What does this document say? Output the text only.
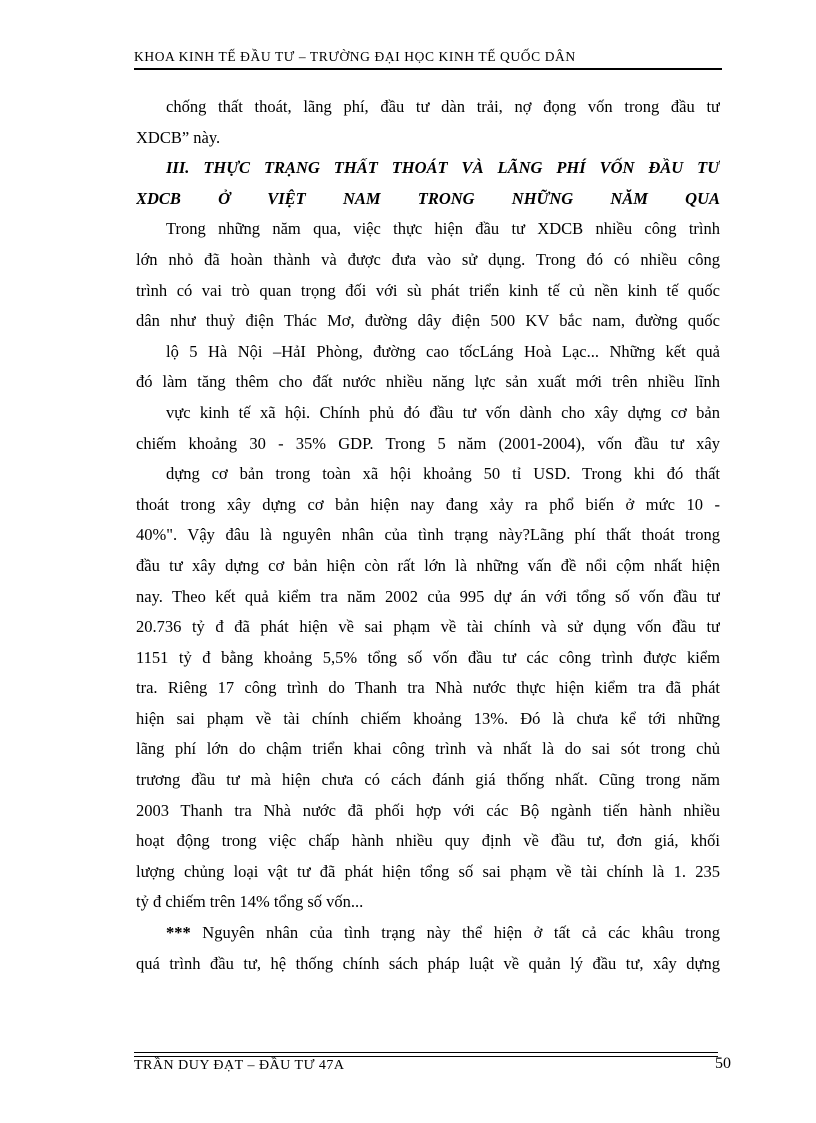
KHOA KINH TẾ ĐẦU TƯ – TRƯỜNG ĐẠI HỌC KINH TẾ QUỐC DÂN
chống thất thoát, lãng phí, đầu tư dàn trải, nợ đọng vốn trong đầu tư
XDCB” này.
III. THỰC TRẠNG THẤT THOÁT VÀ LÃNG PHÍ VỐN ĐẦU TƯ
XDCB Ở VIỆT NAM TRONG NHỮNG NĂM QUA
Trong những năm qua, việc thực hiện đầu tư XDCB nhiều công trình
lớn nhỏ đã hoàn thành và được đưa vào sử dụng. Trong đó có nhiều công
trình có vai trò quan trọng đối với sù phát triển kinh tế củ nền kinh tế quốc
dân như thuỷ điện Thác Mơ, đường dây điện 500 KV bắc nam, đường quốc
lộ 5 Hà Nội –HảI Phòng, đường cao tốcLáng Hoà Lạc... Những kết quả
đó làm tăng thêm cho đất nước nhiều năng lực sản xuất mới trên nhiều lĩnh
vực kinh tế xã hội. Chính phủ đó đầu tư vốn dành cho xây dựng cơ bản
chiếm khoảng 30 - 35% GDP. Trong 5 năm (2001-2004), vốn đầu tư xây
dựng cơ bản trong toàn xã hội khoảng 50 tỉ USD. Trong khi đó thất
thoát trong xây dựng cơ bản hiện nay đang xảy ra phổ biến ở mức 10 -
40%". Vậy đâu là nguyên nhân của tình trạng này?Lãng phí thất thoát trong
đầu tư xây dựng cơ bản hiện còn rất lớn là những vấn đề nổi cộm nhất hiện
nay. Theo kết quả kiểm tra năm 2002 của 995 dự án với tổng số vốn đầu tư
20.736 tỷ đ đã phát hiện về sai phạm về tài chính và sử dụng vốn đầu tư
1151 tỷ đ bằng khoảng 5,5% tổng số vốn đầu tư các công trình được kiểm
tra. Riêng 17 công trình do Thanh tra Nhà nước thực hiện kiểm tra đã phát
hiện sai phạm về tài chính chiếm khoảng 13%. Đó là chưa kể tới những
lãng phí lớn do chậm triển khai công trình và nhất là do sai sót trong chủ
trương đầu tư mà hiện chưa có cách đánh giá thống nhất. Cũng trong năm
2003 Thanh tra Nhà nước đã phối hợp với các Bộ ngành tiến hành nhiều
hoạt động trong việc chấp hành nhiều quy định về đầu tư, đơn giá, khối
lượng chủng loại vật tư đã phát hiện tổng số sai phạm về tài chính là 1. 235
tỷ đ chiếm trên 14% tổng số vốn...
*** Nguyên nhân của tình trạng này thể hiện ở tất cả các khâu trong
quá trình đầu tư, hệ thống chính sách pháp luật về quản lý đầu tư, xây dựng
TRẦN DUY ĐẠT – ĐẦU TƯ 47A	50
